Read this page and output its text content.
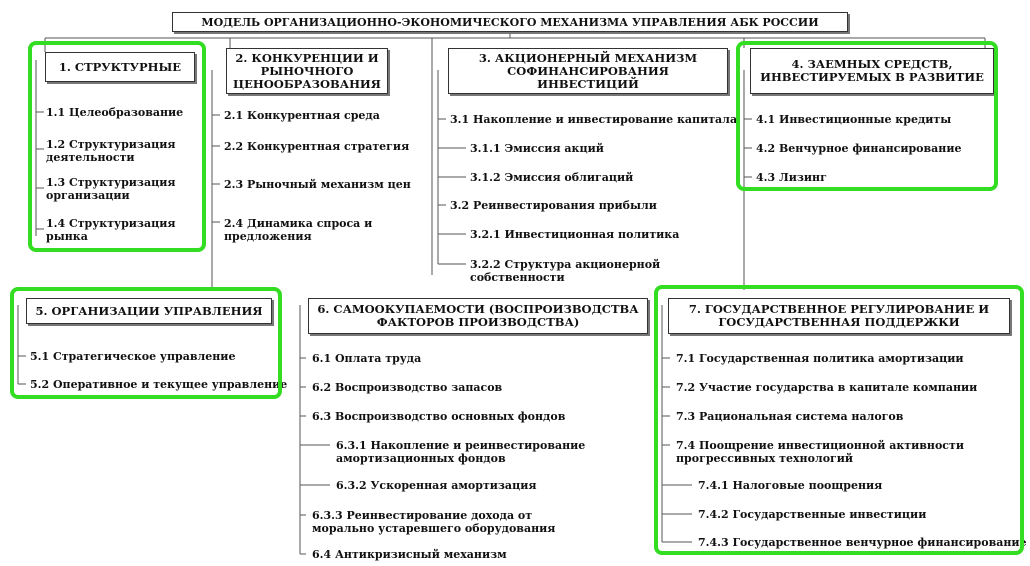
МОДЕЛЬ ОРГАНИЗАЦИОННО-ЭКОНОМИЧЕСКОГО МЕХАНИЗМА УПРАВЛЕНИЯ АБК РОССИИ
1. СТРУКТУРНЫЕ
1.1 Целеобразование
1.2 Структуризация деятельности
1.3 Структуризация организации
1.4 Структуризация рынка
2. КОНКУРЕНЦИИ И РЫНОЧНОГО ЦЕНООБРАЗОВАНИЯ
2.1 Конкурентная среда
2.2 Конкурентная стратегия
2.3 Рыночный механизм цен
2.4 Динамика спроса и предложения
3. АКЦИОНЕРНЫЙ МЕХАНИЗМ СОФИНАНСИРОВАНИЯ ИНВЕСТИЦИЙ
3.1 Накопление и инвестирование капитала
3.1.1 Эмиссия акций
3.1.2 Эмиссия облигаций
3.2 Реинвестирования прибыли
3.2.1 Инвестиционная политика
3.2.2 Структура акционерной собственности
4. ЗАЕМНЫХ СРЕДСТВ, ИНВЕСТИРУЕМЫХ В РАЗВИТИЕ
4.1 Инвестиционные кредиты
4.2 Венчурное финансирование
4.3 Лизинг
5. ОРГАНИЗАЦИИ УПРАВЛЕНИЯ
5.1 Стратегическое управление
5.2 Оперативное и текущее управление
6. САМООКУПАЕМОСТИ (ВОСПРОИЗВОДСТВА ФАКТОРОВ ПРОИЗВОДСТВА)
6.1 Оплата труда
6.2 Воспроизводство запасов
6.3 Воспроизводство основных фондов
6.3.1 Накопление и реинвестирование амортизационных фондов
6.3.2 Ускоренная амортизация
6.3.3 Реинвестирование дохода от морально устаревшего оборудования
6.4 Антикризисный механизм
7. ГОСУДАРСТВЕННОЕ РЕГУЛИРОВАНИЕ И ГОСУДАРСТВЕННАЯ ПОДДЕРЖКИ
7.1 Государственная политика амортизации
7.2 Участие государства в капитале компании
7.3 Рациональная система налогов
7.4 Поощрение инвестиционной активности прогрессивных технологий
7.4.1 Налоговые поощрения
7.4.2 Государственные инвестиции
7.4.3 Государственное венчурное финансирование
